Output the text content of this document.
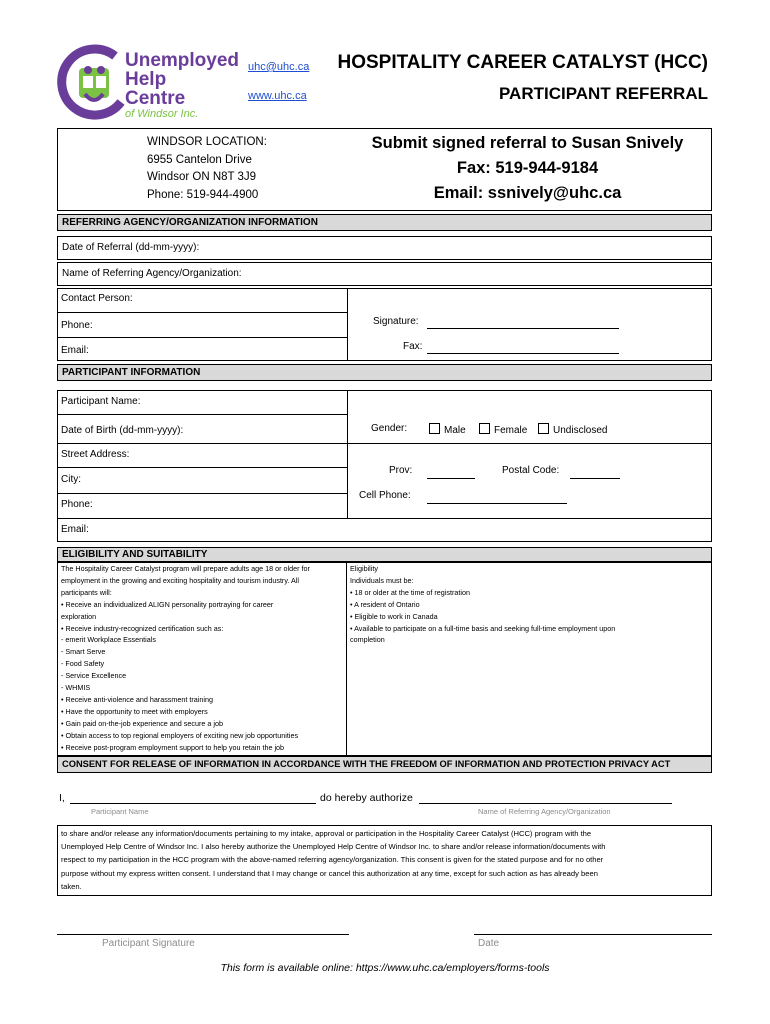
Unemployed
Help
Centre
of Windsor Inc.
uhc@uhc.ca
www.uhc.ca
HOSPITALITY CAREER CATALYST (HCC)
PARTICIPANT REFERRAL
WINDSOR LOCATION:
6955 Cantelon Drive
Windsor ON N8T 3J9
Phone: 519-944-4900
Submit signed referral to Susan Snively
Fax: 519-944-9184
Email: ssnively@uhc.ca
REFERRING AGENCY/ORGANIZATION INFORMATION
Date of Referral (dd-mm-yyyy):
Name of Referring Agency/Organization:
Contact Person:
Phone:
Email:
Signature:
Fax:
PARTICIPANT INFORMATION
Participant Name:
Date of Birth (dd-mm-yyyy):	Gender:	Male	Female	Undisclosed
Street Address:
City:
Phone:
Email:
Prov:	Postal Code:
Cell Phone:
ELIGIBILITY AND SUITABILITY
The Hospitality Career Catalyst program will prepare adults age 18 or older for
employment in the growing and exciting hospitality and tourism industry. All
participants will:
• Receive an individualized ALIGN personality portraying for career
exploration
• Receive industry-recognized certification such as:
- emerit Workplace Essentials
- Smart Serve
- Food Safety
- Service Excellence
- WHMIS
• Receive anti-violence and harassment training
• Have the opportunity to meet with employers
• Gain paid on-the-job experience and secure a job
• Obtain access to top regional employers of exciting new job opportunities
• Receive post-program employment support to help you retain the job
Eligibility
Individuals must be:
• 18 or older at the time of registration
• A resident of Ontario
• Eligible to work in Canada
• Available to participate on a full-time basis and seeking full-time employment upon
completion
CONSENT FOR RELEASE OF INFORMATION IN ACCORDANCE WITH THE FREEDOM OF INFORMATION AND PROTECTION PRIVACY ACT
I,	do hereby authorize
Participant Name	Name of Referring Agency/Organization
to share and/or release any information/documents pertaining to my intake, approval or participation in the Hospitality Career Catalyst (HCC) program with the
Unemployed Help Centre of Windsor Inc. I also hereby authorize the Unemployed Help Centre of Windsor Inc. to share and/or release information/documents with
respect to my participation in the HCC program with the above-named referring agency/organization. This consent is given for the stated purpose and for no other
purpose without my express written consent. I understand that I may change or cancel this authorization at any time, except for such action as has already been
taken.
Participant Signature	Date
This form is available online: https://www.uhc.ca/employers/forms-tools
